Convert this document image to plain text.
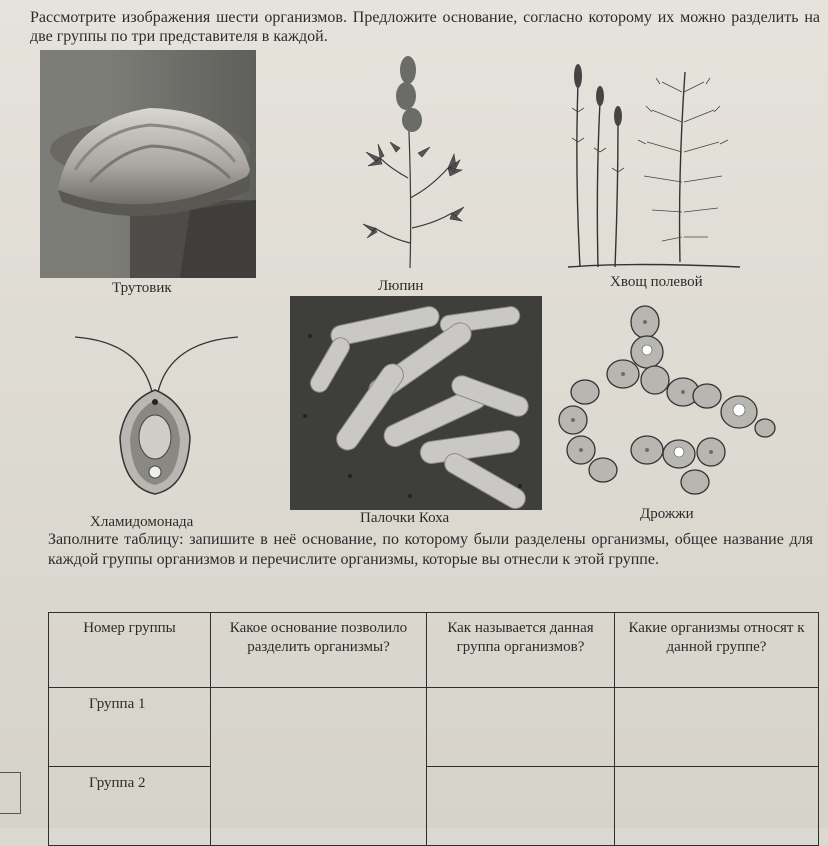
Рассмотрите изображения шести организмов. Предложите основание, согласно которому их можно разделить на две группы по три представителя в каждой.

Трутовик	Люпин	Хвощ полевой
Хламидомонада	Палочки Коха	Дрожжи

Заполните таблицу: запишите в неё основание, по которому были разделены организмы, общее название для каждой группы организмов и перечислите организмы, которые вы отнесли к этой группе.

Номер группы	Какое основание позволило разделить организмы?	Как называется данная группа организмов?	Какие организмы относят к данной группе?
Группа 1			
Группа 2			
